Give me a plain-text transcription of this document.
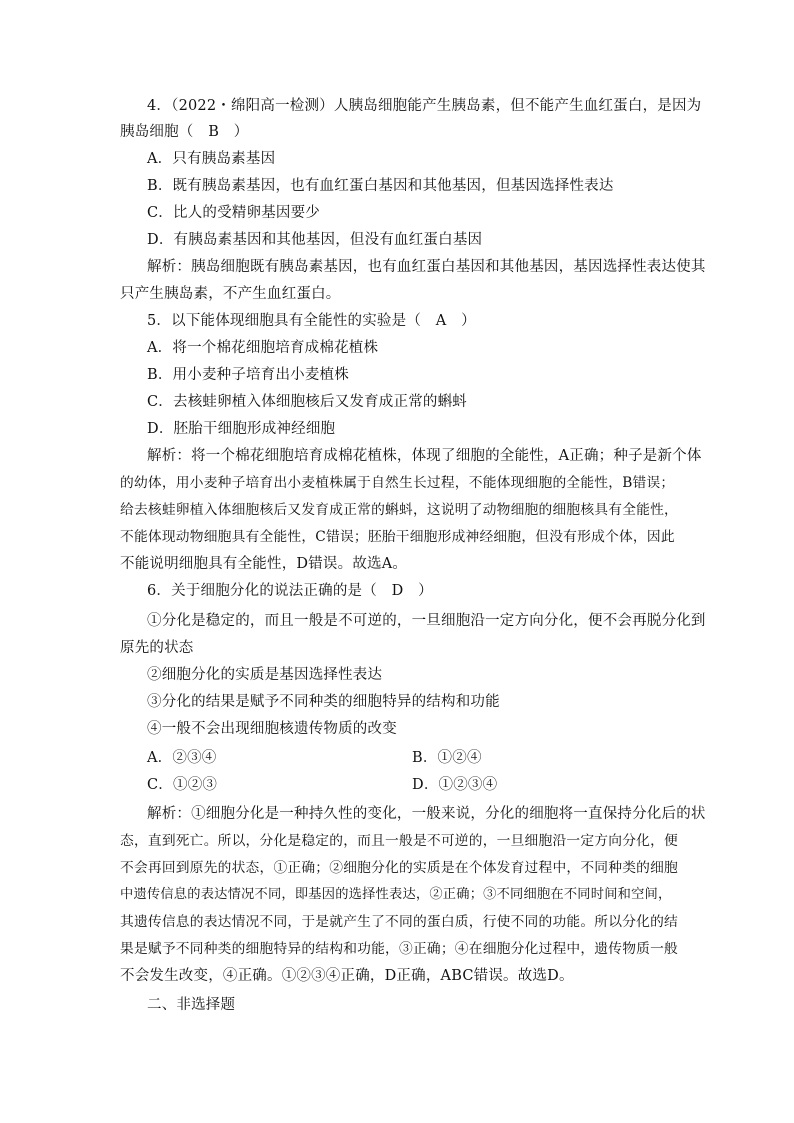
4．（2022・绵阳高一检测）人胰岛细胞能产生胰岛素，但不能产生血红蛋白，是因为
胰岛细胞（　B　）
A．只有胰岛素基因
B．既有胰岛素基因，也有血红蛋白基因和其他基因，但基因选择性表达
C．比人的受精卵基因要少
D．有胰岛素基因和其他基因，但没有血红蛋白基因
解析：胰岛细胞既有胰岛素基因，也有血红蛋白基因和其他基因，基因选择性表达使其
只产生胰岛素，不产生血红蛋白。
5．以下能体现细胞具有全能性的实验是（　A　）
A．将一个棉花细胞培育成棉花植株
B．用小麦种子培育出小麦植株
C．去核蛙卵植入体细胞核后又发育成正常的蝌蚪
D．胚胎干细胞形成神经细胞
解析：将一个棉花细胞培育成棉花植株，体现了细胞的全能性，A正确；种子是新个体
的幼体，用小麦种子培育出小麦植株属于自然生长过程，不能体现细胞的全能性，B错误；
给去核蛙卵植入体细胞核后又发育成正常的蝌蚪，这说明了动物细胞的细胞核具有全能性，
不能体现动物细胞具有全能性，C错误；胚胎干细胞形成神经细胞，但没有形成个体，因此
不能说明细胞具有全能性，D错误。故选A。
6．关于细胞分化的说法正确的是（　D　）
①分化是稳定的，而且一般是不可逆的，一旦细胞沿一定方向分化，便不会再脱分化到
原先的状态
②细胞分化的实质是基因选择性表达
③分化的结果是赋予不同种类的细胞特异的结构和功能
④一般不会出现细胞核遗传物质的改变
A．②③④	B．①②④
C．①②③	D．①②③④
解析：①细胞分化是一种持久性的变化，一般来说，分化的细胞将一直保持分化后的状
态，直到死亡。所以，分化是稳定的，而且一般是不可逆的，一旦细胞沿一定方向分化，便
不会再回到原先的状态，①正确；②细胞分化的实质是在个体发育过程中，不同种类的细胞
中遗传信息的表达情况不同，即基因的选择性表达，②正确；③不同细胞在不同时间和空间，
其遗传信息的表达情况不同，于是就产生了不同的蛋白质，行使不同的功能。所以分化的结
果是赋予不同种类的细胞特异的结构和功能，③正确；④在细胞分化过程中，遗传物质一般
不会发生改变，④正确。①②③④正确，D正确，ABC错误。故选D。
二、非选择题
